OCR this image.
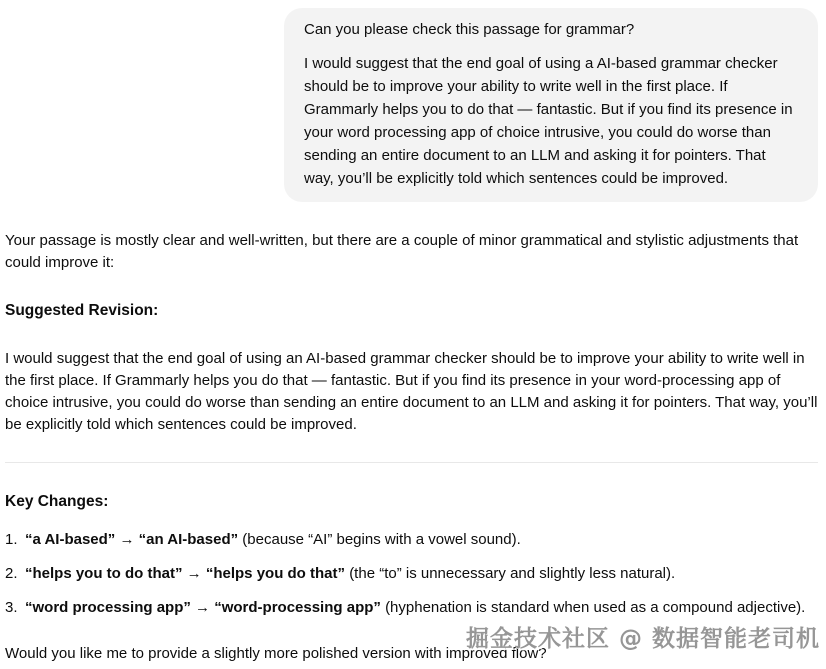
Can you please check this passage for grammar?

I would suggest that the end goal of using a AI-based grammar checker should be to improve your ability to write well in the first place. If Grammarly helps you to do that — fantastic. But if you find its presence in your word processing app of choice intrusive, you could do worse than sending an entire document to an LLM and asking it for pointers. That way, you’ll be explicitly told which sentences could be improved.

Your passage is mostly clear and well-written, but there are a couple of minor grammatical and stylistic adjustments that could improve it:

Suggested Revision:

I would suggest that the end goal of using an AI-based grammar checker should be to improve your ability to write well in the first place. If Grammarly helps you do that — fantastic. But if you find its presence in your word-processing app of choice intrusive, you could do worse than sending an entire document to an LLM and asking it for pointers. That way, you’ll be explicitly told which sentences could be improved.

Key Changes:

1. “a AI-based” → “an AI-based” (because “AI” begins with a vowel sound).
2. “helps you to do that” → “helps you do that” (the “to” is unnecessary and slightly less natural).
3. “word processing app” → “word-processing app” (hyphenation is standard when used as a compound adjective).

Would you like me to provide a slightly more polished version with improved flow?

掘金技术社区 @ 数据智能老司机
